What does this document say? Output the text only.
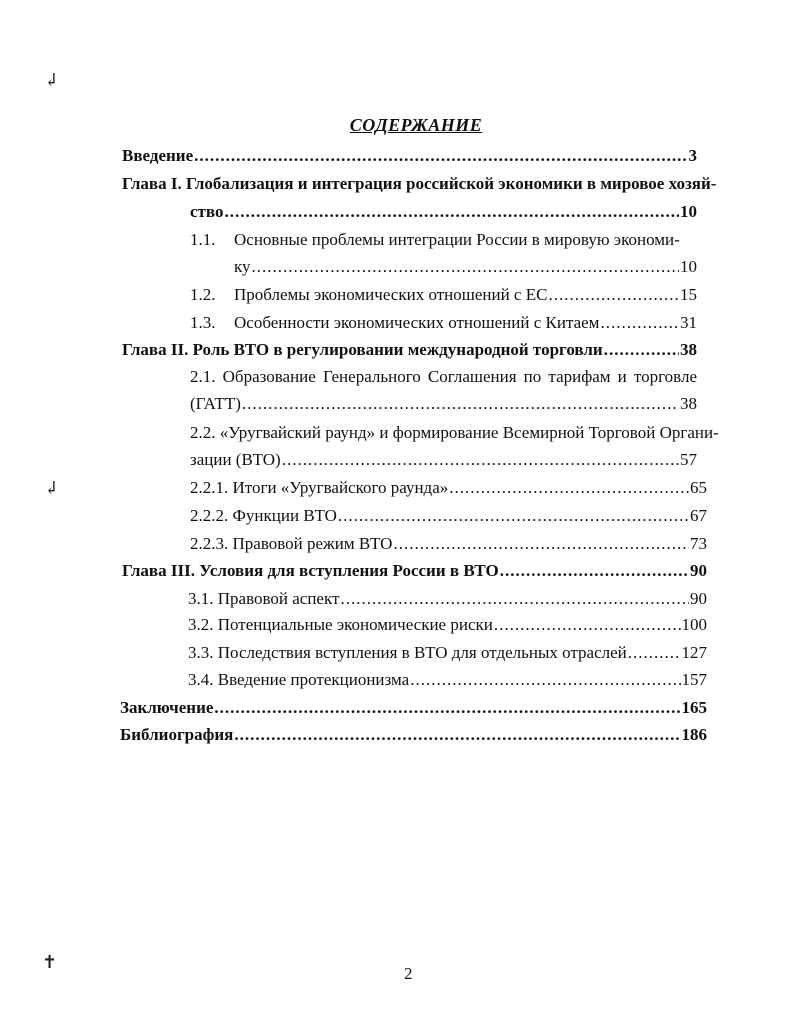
↲
↲
✝
СОДЕРЖАНИЕ
Введение .....	3
Глава I. Глобализация и интеграция российской экономики в мировое хозяй-
ство .....	10
1.1. Основные проблемы интеграции России в мировую экономи-
ку .....	10
1.2. Проблемы экономических отношений с ЕС .....	15
1.3. Особенности экономических отношений с Китаем .....	31
Глава II. Роль ВТО в регулировании международной торговли .....	38
2.1. Образование Генерального Соглашения по тарифам и торговле
(ГАТТ) .....	38
2.2. «Уругвайский раунд» и формирование Всемирной Торговой Органи-
зации (ВТО) .....	57
2.2.1. Итоги «Уругвайского раунда» .....	65
2.2.2. Функции ВТО .....	67
2.2.3. Правовой режим ВТО .....	73
Глава III. Условия для вступления России в ВТО .....	90
3.1. Правовой аспект .....	90
3.2. Потенциальные экономические риски .....	100
3.3. Последствия вступления в ВТО для отдельных отраслей .....	127
3.4. Введение протекционизма .....	157
Заключение .....	165
Библиография .....	186
2
